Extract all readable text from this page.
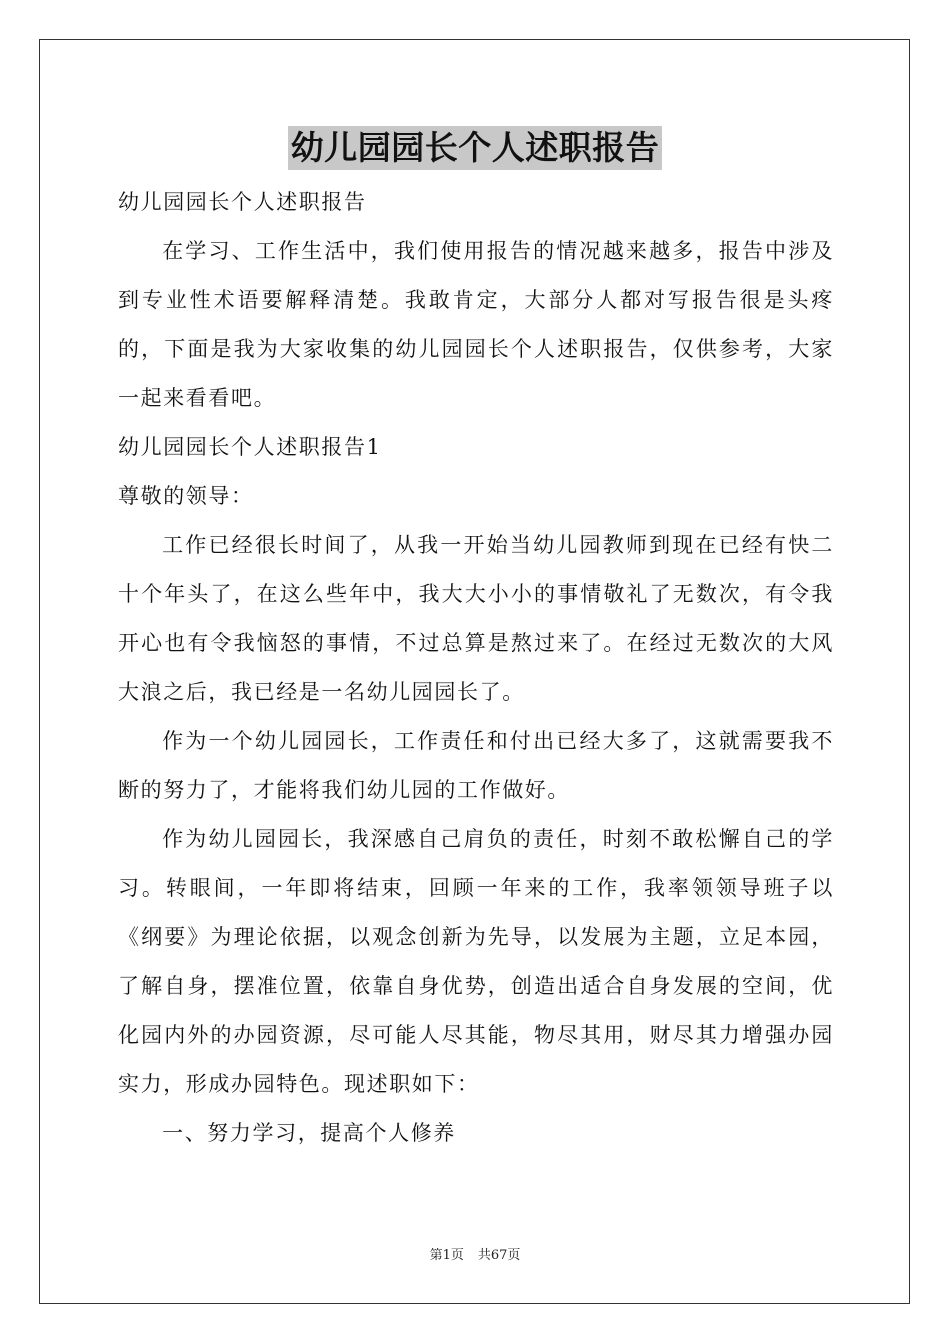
幼儿园园长个人述职报告

幼儿园园长个人述职报告

在学习、工作生活中，我们使用报告的情况越来越多，报告中涉及到专业性术语要解释清楚。我敢肯定，大部分人都对写报告很是头疼的，下面是我为大家收集的幼儿园园长个人述职报告，仅供参考，大家一起来看看吧。

幼儿园园长个人述职报告1

尊敬的领导：

工作已经很长时间了，从我一开始当幼儿园教师到现在已经有快二十个年头了，在这么些年中，我大大小小的事情敬礼了无数次，有令我开心也有令我恼怒的事情，不过总算是熬过来了。在经过无数次的大风大浪之后，我已经是一名幼儿园园长了。

作为一个幼儿园园长，工作责任和付出已经大多了，这就需要我不断的努力了，才能将我们幼儿园的工作做好。

作为幼儿园园长，我深感自己肩负的责任，时刻不敢松懈自己的学习。转眼间，一年即将结束，回顾一年来的工作，我率领领导班子以《纲要》为理论依据，以观念创新为先导，以发展为主题，立足本园，了解自身，摆准位置，依靠自身优势，创造出适合自身发展的空间，优化园内外的办园资源，尽可能人尽其能，物尽其用，财尽其力增强办园实力，形成办园特色。现述职如下：

一、努力学习，提高个人修养

第1页 共67页
